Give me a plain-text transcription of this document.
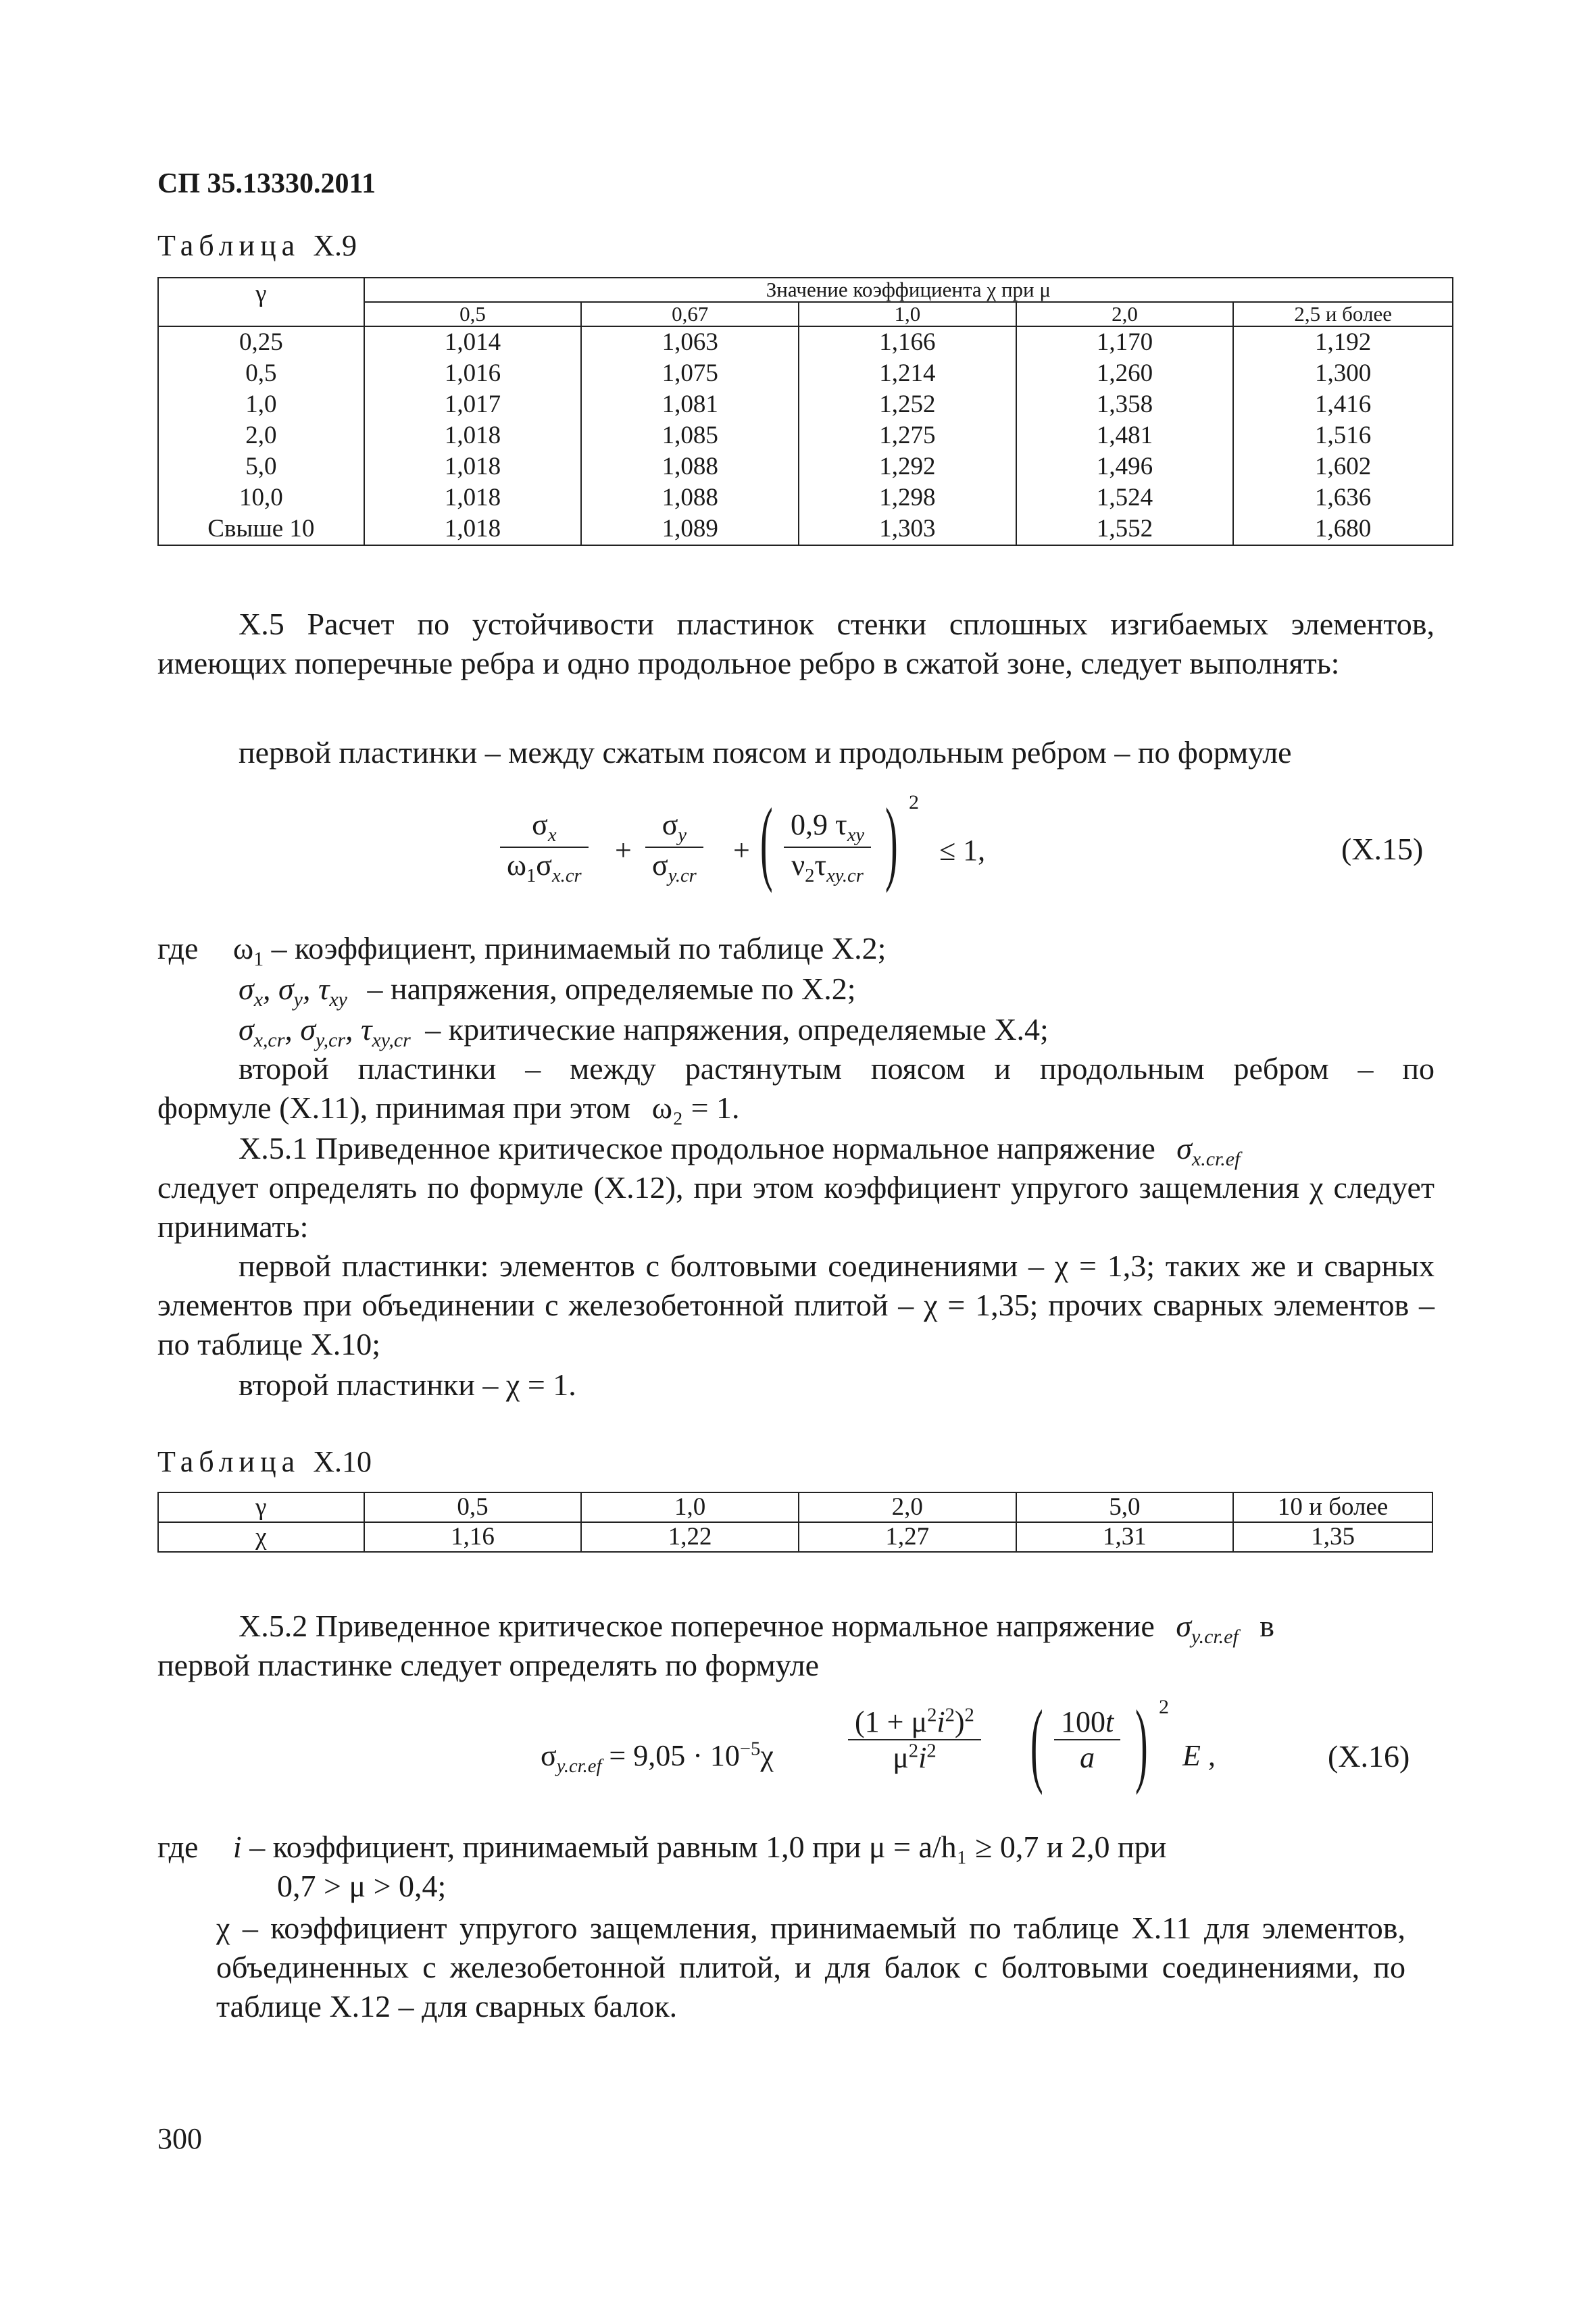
СП 35.13330.2011
Таблица Х.9
γ	Значение коэффициента χ при μ				
	0,5	0,67	1,0	2,0	2,5 и более
0,25	1,014	1,063	1,166	1,170	1,192
0,5	1,016	1,075	1,214	1,260	1,300
1,0	1,017	1,081	1,252	1,358	1,416
2,0	1,018	1,085	1,275	1,481	1,516
5,0	1,018	1,088	1,292	1,496	1,602
10,0	1,018	1,088	1,298	1,524	1,636
Свыше 10	1,018	1,089	1,303	1,552	1,680
Х.5 Расчет по устойчивости пластинок стенки сплошных изгибаемых элементов, имеющих поперечные ребра и одно продольное ребро в сжатой зоне, следует выполнять:
первой пластинки – между сжатым поясом и продольным ребром – по формуле
$\frac{\sigma_x}{\omega_1\sigma_{x.cr}} + \frac{\sigma_y}{\sigma_{y.cr}}$ + ( 0,9 $\tau_{xy}$
$\nu_2\tau_{xy.cr}$ ) 2
≤ 1,	(Х.15)
где $\omega_1$ – коэффициент, принимаемый по таблице Х.2;
$\sigma_x$, $\sigma_y$, $\tau_{xy}$ – напряжения, определяемые по Х.2;
$\sigma_{x,cr}$, $\sigma_{y,cr}$, $\tau_{xy,cr}$ – критические напряжения, определяемые Х.4;
второй пластинки – между растянутым поясом и продольным ребром – по
формуле (Х.11), принимая при этом ω₂ = 1.
Х.5.1 Приведенное критическое продольное нормальное напряжение $\sigma_{x.cr.ef}$
следует определять по формуле (Х.12), при этом коэффициент упругого защемления χ следует принимать:
первой пластинки: элементов с болтовыми соединениями – χ = 1,3; таких же и сварных элементов при объединении с железобетонной плитой – χ = 1,35; прочих сварных элементов – по таблице Х.10;
второй пластинки – χ = 1.
Таблица Х.10
γ	0,5	1,0	2,0	5,0	10 и более
χ	1,16	1,22	1,27	1,31	1,35
Х.5.2 Приведенное критическое поперечное нормальное напряжение $\sigma_{y.cr.ef}$ в
первой пластинке следует определять по формуле
$\sigma_{y.cr.ef} = 9,05 \cdot 10^{-5}\chi$	$\frac{(1 + \mu^2i^2)^2}{\mu^2i^2}$ ( $\frac{100t}{a}$ ) 2
E ,	(Х.16)
где i – коэффициент, принимаемый равным 1,0 при μ = a/h₁ ≥ 0,7 и 2,0 при
0,7 > μ > 0,4;
χ – коэффициент упругого защемления, принимаемый по таблице Х.11 для элементов, объединенных с железобетонной плитой, и для балок с болтовыми соединениями, по таблице Х.12 – для сварных балок.
300
